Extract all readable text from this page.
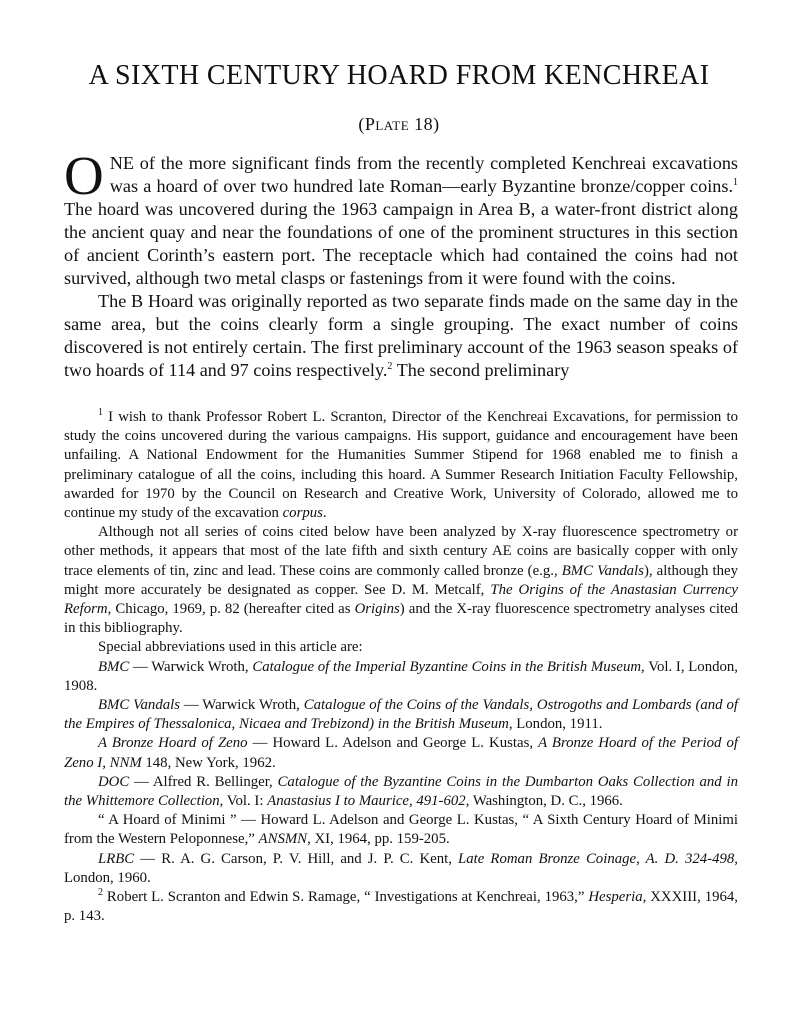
A SIXTH CENTURY HOARD FROM KENCHREAI
(Plate 18)

ONE of the more significant finds from the recently completed Kenchreai excavations was a hoard of over two hundred late Roman—early Byzantine bronze/copper coins.$^1$ The hoard was uncovered during the 1963 campaign in Area B, a water-front district along the ancient quay and near the foundations of one of the prominent structures in this section of ancient Corinth’s eastern port. The receptacle which had contained the coins had not survived, although two metal clasps or fastenings from it were found with the coins.

The B Hoard was originally reported as two separate finds made on the same day in the same area, but the coins clearly form a single grouping. The exact number of coins discovered is not entirely certain. The first preliminary account of the 1963 season speaks of two hoards of 114 and 97 coins respectively.$^2$ The second preliminary

$^1$ I wish to thank Professor Robert L. Scranton, Director of the Kenchreai Excavations, for permission to study the coins uncovered during the various campaigns. His support, guidance and encouragement have been unfailing. A National Endowment for the Humanities Summer Stipend for 1968 enabled me to finish a preliminary catalogue of all the coins, including this hoard. A Summer Research Initiation Faculty Fellowship, awarded for 1970 by the Council on Research and Creative Work, University of Colorado, allowed me to continue my study of the excavation corpus.

Although not all series of coins cited below have been analyzed by X-ray fluorescence spectrometry or other methods, it appears that most of the late fifth and sixth century AE coins are basically copper with only trace elements of tin, zinc and lead. These coins are commonly called bronze (e.g., BMC Vandals), although they might more accurately be designated as copper. See D. M. Metcalf, The Origins of the Anastasian Currency Reform, Chicago, 1969, p. 82 (hereafter cited as Origins) and the X-ray fluorescence spectrometry analyses cited in this bibliography.

Special abbreviations used in this article are:

BMC — Warwick Wroth, Catalogue of the Imperial Byzantine Coins in the British Museum, Vol. I, London, 1908.

BMC Vandals — Warwick Wroth, Catalogue of the Coins of the Vandals, Ostrogoths and Lombards (and of the Empires of Thessalonica, Nicaea and Trebizond) in the British Museum, London, 1911.

A Bronze Hoard of Zeno — Howard L. Adelson and George L. Kustas, A Bronze Hoard of the Period of Zeno I, NNM 148, New York, 1962.

DOC — Alfred R. Bellinger, Catalogue of the Byzantine Coins in the Dumbarton Oaks Collection and in the Whittemore Collection, Vol. I: Anastasius I to Maurice, 491-602, Washington, D. C., 1966.

“ A Hoard of Minimi ” — Howard L. Adelson and George L. Kustas, “ A Sixth Century Hoard of Minimi from the Western Peloponnese,” ANSMN, XI, 1964, pp. 159-205.

LRBC — R. A. G. Carson, P. V. Hill, and J. P. C. Kent, Late Roman Bronze Coinage, A. D. 324-498, London, 1960.

$^2$ Robert L. Scranton and Edwin S. Ramage, “ Investigations at Kenchreai, 1963,” Hesperia, XXXIII, 1964, p. 143.
